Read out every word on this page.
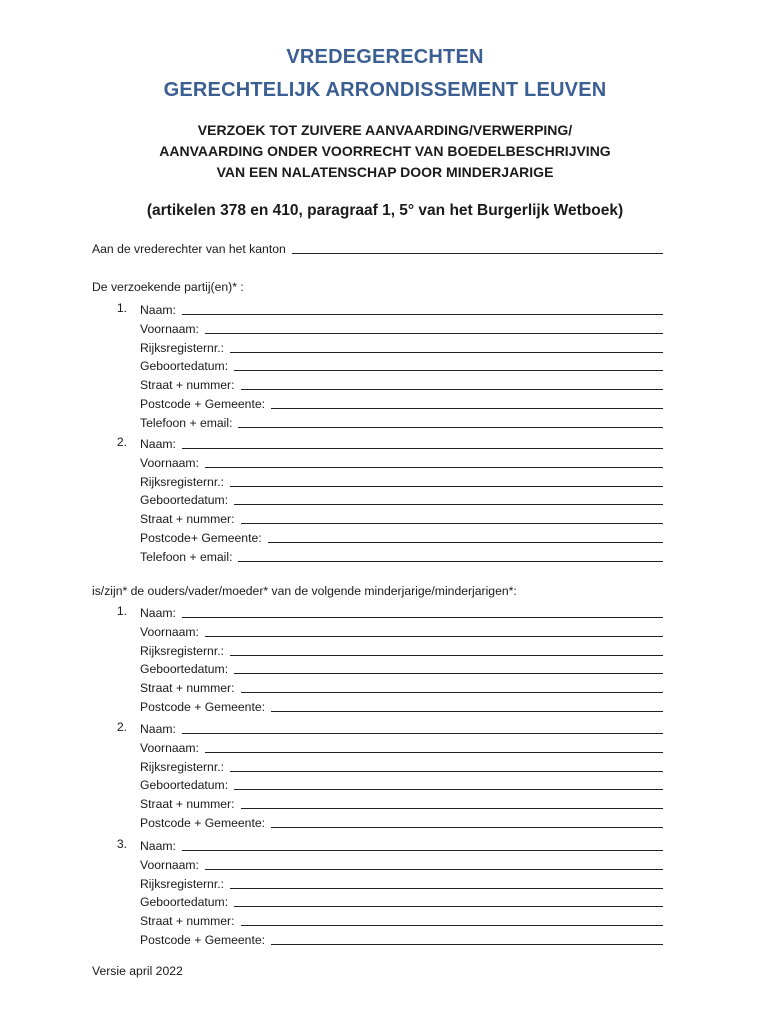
VREDEGERECHTEN
GERECHTELIJK ARRONDISSEMENT LEUVEN
VERZOEK TOT ZUIVERE AANVAARDING/VERWERPING/
AANVAARDING ONDER VOORRECHT VAN BOEDELBESCHRIJVING
VAN EEN NALATENSCHAP DOOR MINDERJARIGE
(artikelen 378 en 410, paragraaf 1, 5° van het Burgerlijk Wetboek)
Aan de vrederechter van het kanton
De verzoekende partij(en)* :
1. Naam:
Voornaam:
Rijksregisternr.:
Geboortedatum:
Straat + nummer:
Postcode + Gemeente:
Telefoon + email:
2. Naam:
Voornaam:
Rijksregisternr.:
Geboortedatum:
Straat + nummer:
Postcode+ Gemeente:
Telefoon + email:
is/zijn* de ouders/vader/moeder* van de volgende minderjarige/minderjarigen*:
1. Naam:
Voornaam:
Rijksregisternr.:
Geboortedatum:
Straat + nummer:
Postcode + Gemeente:
2. Naam:
Voornaam:
Rijksregisternr.:
Geboortedatum:
Straat + nummer:
Postcode + Gemeente:
3. Naam:
Voornaam:
Rijksregisternr.:
Geboortedatum:
Straat + nummer:
Postcode + Gemeente:
Versie april 2022
